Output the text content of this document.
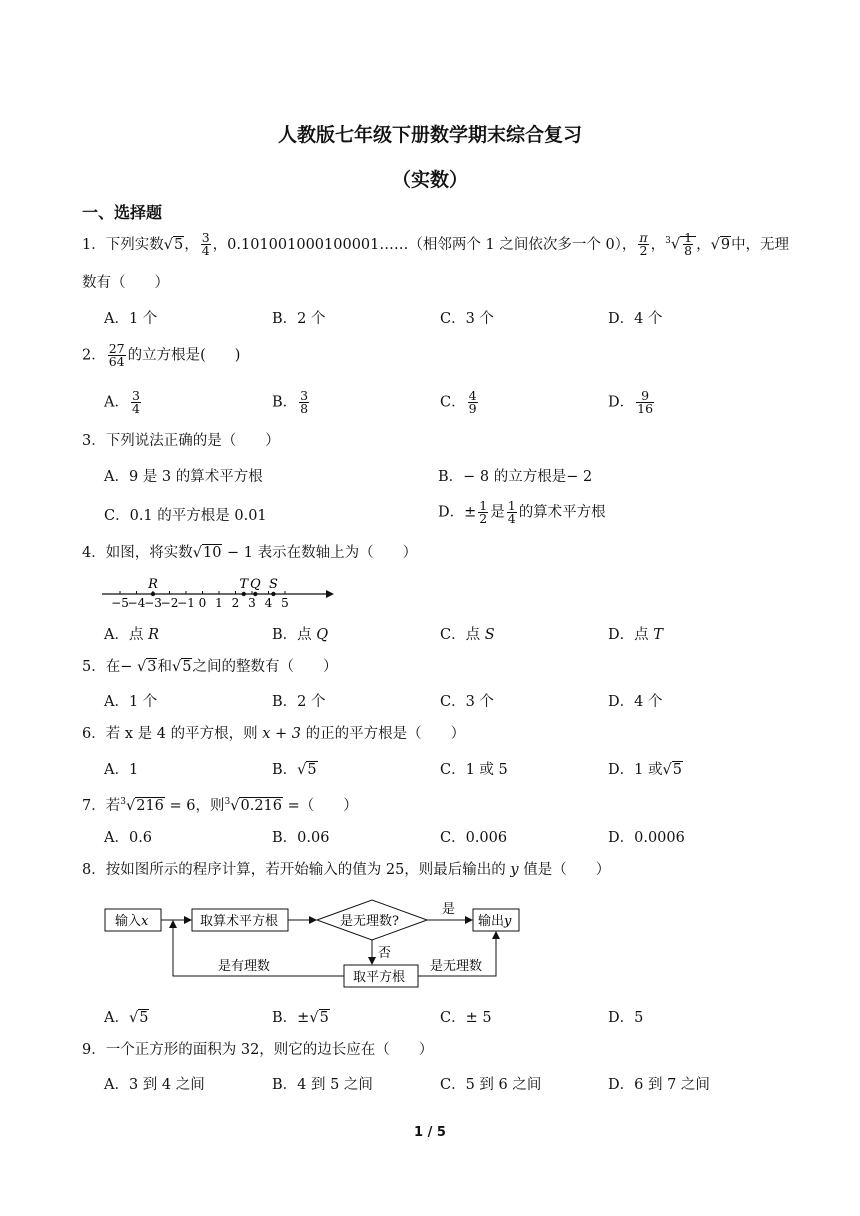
人教版七年级下册数学期末综合复习
（实数）
一、选择题
1．下列实数√5， $\frac{3}{4}$ ，0.101001000100001……（相邻两个 1 之间依次多一个 0）， $\frac{\pi}{2}$ ，$^3√ \frac{1}{8}$ ，√9中，无理
数有（　　）
A．1 个	B．2 个	C．3 个	D．4 个
2． $\frac{27}{64}$ 的立方根是(　　)
A． $\frac{3}{4}$	B． $\frac{3}{8}$	C． $\frac{4}{9}$	D． $\frac{9}{16}$
3．下列说法正确的是（　　）
A．9 是 3 的算术平方根	B．− 8 的立方根是− 2
C．0.1 的平方根是 0.01	D．± $\frac{1}{2}$ 是 $\frac{1}{4}$ 的算术平方根
4．如图，将实数√10 − 1 表示在数轴上为（　　）
−5
−4
−3
−2
−1 0 1 2 3 4 5
R	T Q S
A．点 R	B．点 Q	C．点 S	D．点 T
5．在− √3和√5之间的整数有（　　）
A．1 个	B．2 个	C．3 个	D．4 个
6．若 x 是 4 的平方根，则 x + 3 的正的平方根是（　　）
A．1	B．√5	C．1 或 5	D．1 或√5
7．若$^3$√216 = 6，则$^3$√0.216 =（　　）
A．0.6	B．0.06	C．0.006	D．0.0006
8．按如图所示的程序计算，若开始输入的值为 25，则最后输出的 y 值是（　　）
输入x	取算术平方根	是无理数?
是
输出y
否
取平方根
是有理数	是无理数
A．√5	B．±√5	C．± 5	D．5
9．一个正方形的面积为 32，则它的边长应在（　　）
A．3 到 4 之间	B．4 到 5 之间	C．5 到 6 之间	D．6 到 7 之间
1 / 5
